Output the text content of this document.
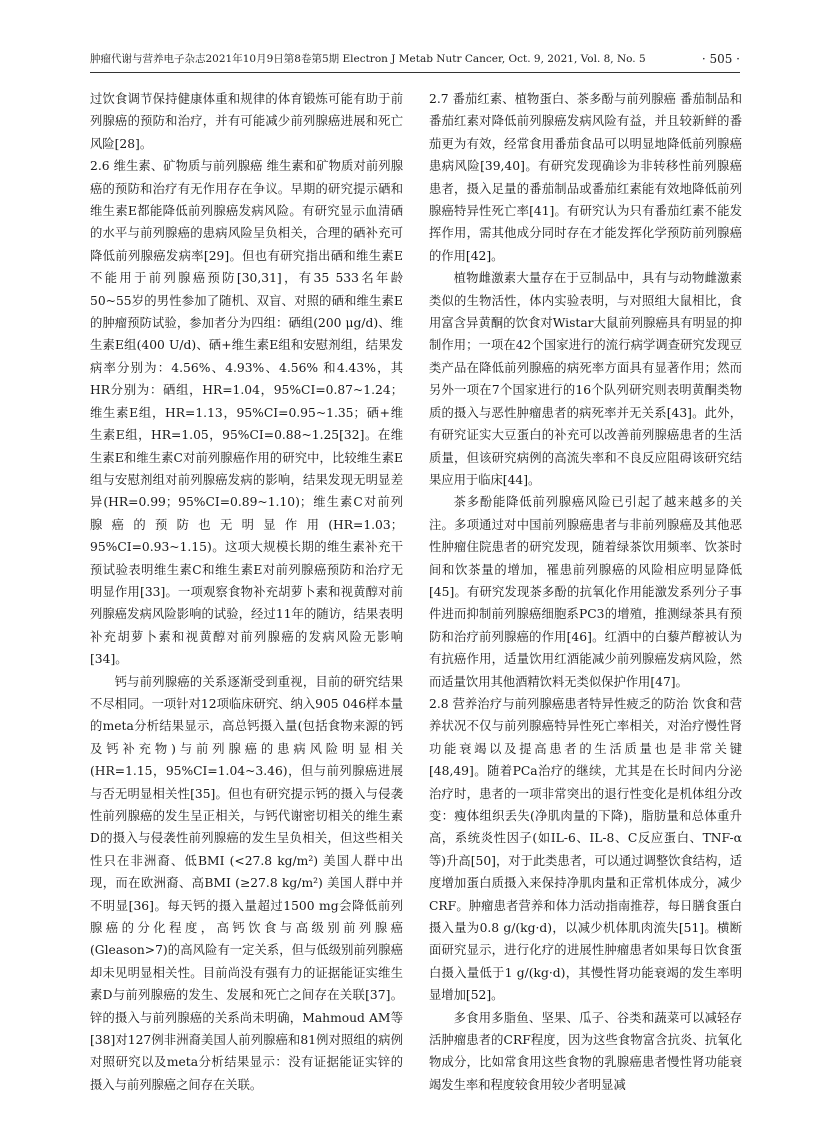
肿瘤代谢与营养电子杂志2021年10月9日第8卷第5期 Electron J Metab Nutr Cancer, Oct. 9, 2021, Vol. 8, No. 5	· 505 ·

过饮食调节保持健康体重和规律的体育锻炼可能有助于前列腺癌的预防和治疗，并有可能减少前列腺癌进展和死亡风险[28]。

2.6 维生素、矿物质与前列腺癌 维生素和矿物质对前列腺癌的预防和治疗有无作用存在争议。早期的研究提示硒和维生素E都能降低前列腺癌发病风险。有研究显示血清硒的水平与前列腺癌的患病风险呈负相关，合理的硒补充可降低前列腺癌发病率[29]。但也有研究指出硒和维生素E不能用于前列腺癌预防[30,31]，有35 533名年龄50~55岁的男性参加了随机、双盲、对照的硒和维生素E的肿瘤预防试验，参加者分为四组：硒组(200 μg/d)、维生素E组(400 U/d)、硒+维生素E组和安慰剂组，结果发病率分别为：4.56%、4.93%、4.56% 和4.43%，其HR分别为：硒组，HR=1.04，95%CI=0.87~1.24；维生素E组，HR=1.13，95%CI=0.95~1.35；硒+维生素E组，HR=1.05，95%CI=0.88~1.25[32]。在维生素E和维生素C对前列腺癌作用的研究中，比较维生素E组与安慰剂组对前列腺癌发病的影响，结果发现无明显差异(HR=0.99；95%CI=0.89~1.10)；维生素C对前列腺癌的预防也无明显作用(HR=1.03；95%CI=0.93~1.15)。这项大规模长期的维生素补充干预试验表明维生素C和维生素E对前列腺癌预防和治疗无明显作用[33]。一项观察食物补充胡萝卜素和视黄醇对前列腺癌发病风险影响的试验，经过11年的随访，结果表明补充胡萝卜素和视黄醇对前列腺癌的发病风险无影响[34]。

钙与前列腺癌的关系逐渐受到重视，目前的研究结果不尽相同。一项针对12项临床研究、纳入905 046样本量的meta分析结果显示，高总钙摄入量(包括食物来源的钙及钙补充物)与前列腺癌的患病风险明显相关(HR=1.15，95%CI=1.04~3.46)，但与前列腺癌进展与否无明显相关性[35]。但也有研究提示钙的摄入与侵袭性前列腺癌的发生呈正相关，与钙代谢密切相关的维生素D的摄入与侵袭性前列腺癌的发生呈负相关，但这些相关性只在非洲裔、低BMI (<27.8 kg/m²) 美国人群中出现，而在欧洲裔、高BMI (≥27.8 kg/m²) 美国人群中并不明显[36]。每天钙的摄入量超过1500 mg会降低前列腺癌的分化程度，高钙饮食与高级别前列腺癌(Gleason>7)的高风险有一定关系，但与低级别前列腺癌却未见明显相关性。目前尚没有强有力的证据能证实维生素D与前列腺癌的发生、发展和死亡之间存在关联[37]。锌的摄入与前列腺癌的关系尚未明确，Mahmoud AM等[38]对127例非洲裔美国人前列腺癌和81例对照组的病例对照研究以及meta分析结果显示：没有证据能证实锌的摄入与前列腺癌之间存在关联。

2.7 番茄红素、植物蛋白、茶多酚与前列腺癌 番茄制品和番茄红素对降低前列腺癌发病风险有益，并且较新鲜的番茄更为有效，经常食用番茄食品可以明显地降低前列腺癌患病风险[39,40]。有研究发现确诊为非转移性前列腺癌患者，摄入足量的番茄制品或番茄红素能有效地降低前列腺癌特异性死亡率[41]。有研究认为只有番茄红素不能发挥作用，需其他成分同时存在才能发挥化学预防前列腺癌的作用[42]。

植物雌激素大量存在于豆制品中，具有与动物雌激素类似的生物活性，体内实验表明，与对照组大鼠相比，食用富含异黄酮的饮食对Wistar大鼠前列腺癌具有明显的抑制作用；一项在42个国家进行的流行病学调查研究发现豆类产品在降低前列腺癌的病死率方面具有显著作用；然而另外一项在7个国家进行的16个队列研究则表明黄酮类物质的摄入与恶性肿瘤患者的病死率并无关系[43]。此外，有研究证实大豆蛋白的补充可以改善前列腺癌患者的生活质量，但该研究病例的高流失率和不良反应阻碍该研究结果应用于临床[44]。

茶多酚能降低前列腺癌风险已引起了越来越多的关注。多项通过对中国前列腺癌患者与非前列腺癌及其他恶性肿瘤住院患者的研究发现，随着绿茶饮用频率、饮茶时间和饮茶量的增加，罹患前列腺癌的风险相应明显降低[45]。有研究发现茶多酚的抗氧化作用能激发系列分子事件进而抑制前列腺癌细胞系PC3的增殖，推测绿茶具有预防和治疗前列腺癌的作用[46]。红酒中的白藜芦醇被认为有抗癌作用，适量饮用红酒能减少前列腺癌发病风险，然而适量饮用其他酒精饮料无类似保护作用[47]。

2.8 营养治疗与前列腺癌患者特异性疲乏的防治 饮食和营养状况不仅与前列腺癌特异性死亡率相关，对治疗慢性肾功能衰竭以及提高患者的生活质量也是非常关键[48,49]。随着PCa治疗的继续，尤其是在长时间内分泌治疗时，患者的一项非常突出的退行性变化是机体组分改变：瘦体组织丢失(净肌肉量的下降)，脂肪量和总体重升高，系统炎性因子(如IL-6、IL-8、C反应蛋白、TNF-α等)升高[50]，对于此类患者，可以通过调整饮食结构，适度增加蛋白质摄入来保持净肌肉量和正常机体成分，减少CRF。肿瘤患者营养和体力活动指南推荐，每日膳食蛋白摄入量为0.8 g/(kg·d)，以减少机体肌肉流失[51]。横断面研究显示，进行化疗的进展性肿瘤患者如果每日饮食蛋白摄入量低于1 g/(kg·d)，其慢性肾功能衰竭的发生率明显增加[52]。

多食用多脂鱼、坚果、瓜子、谷类和蔬菜可以减轻存活肿瘤患者的CRF程度，因为这些食物富含抗炎、抗氧化物成分，比如常食用这些食物的乳腺癌患者慢性肾功能衰竭发生率和程度较食用较少者明显减
